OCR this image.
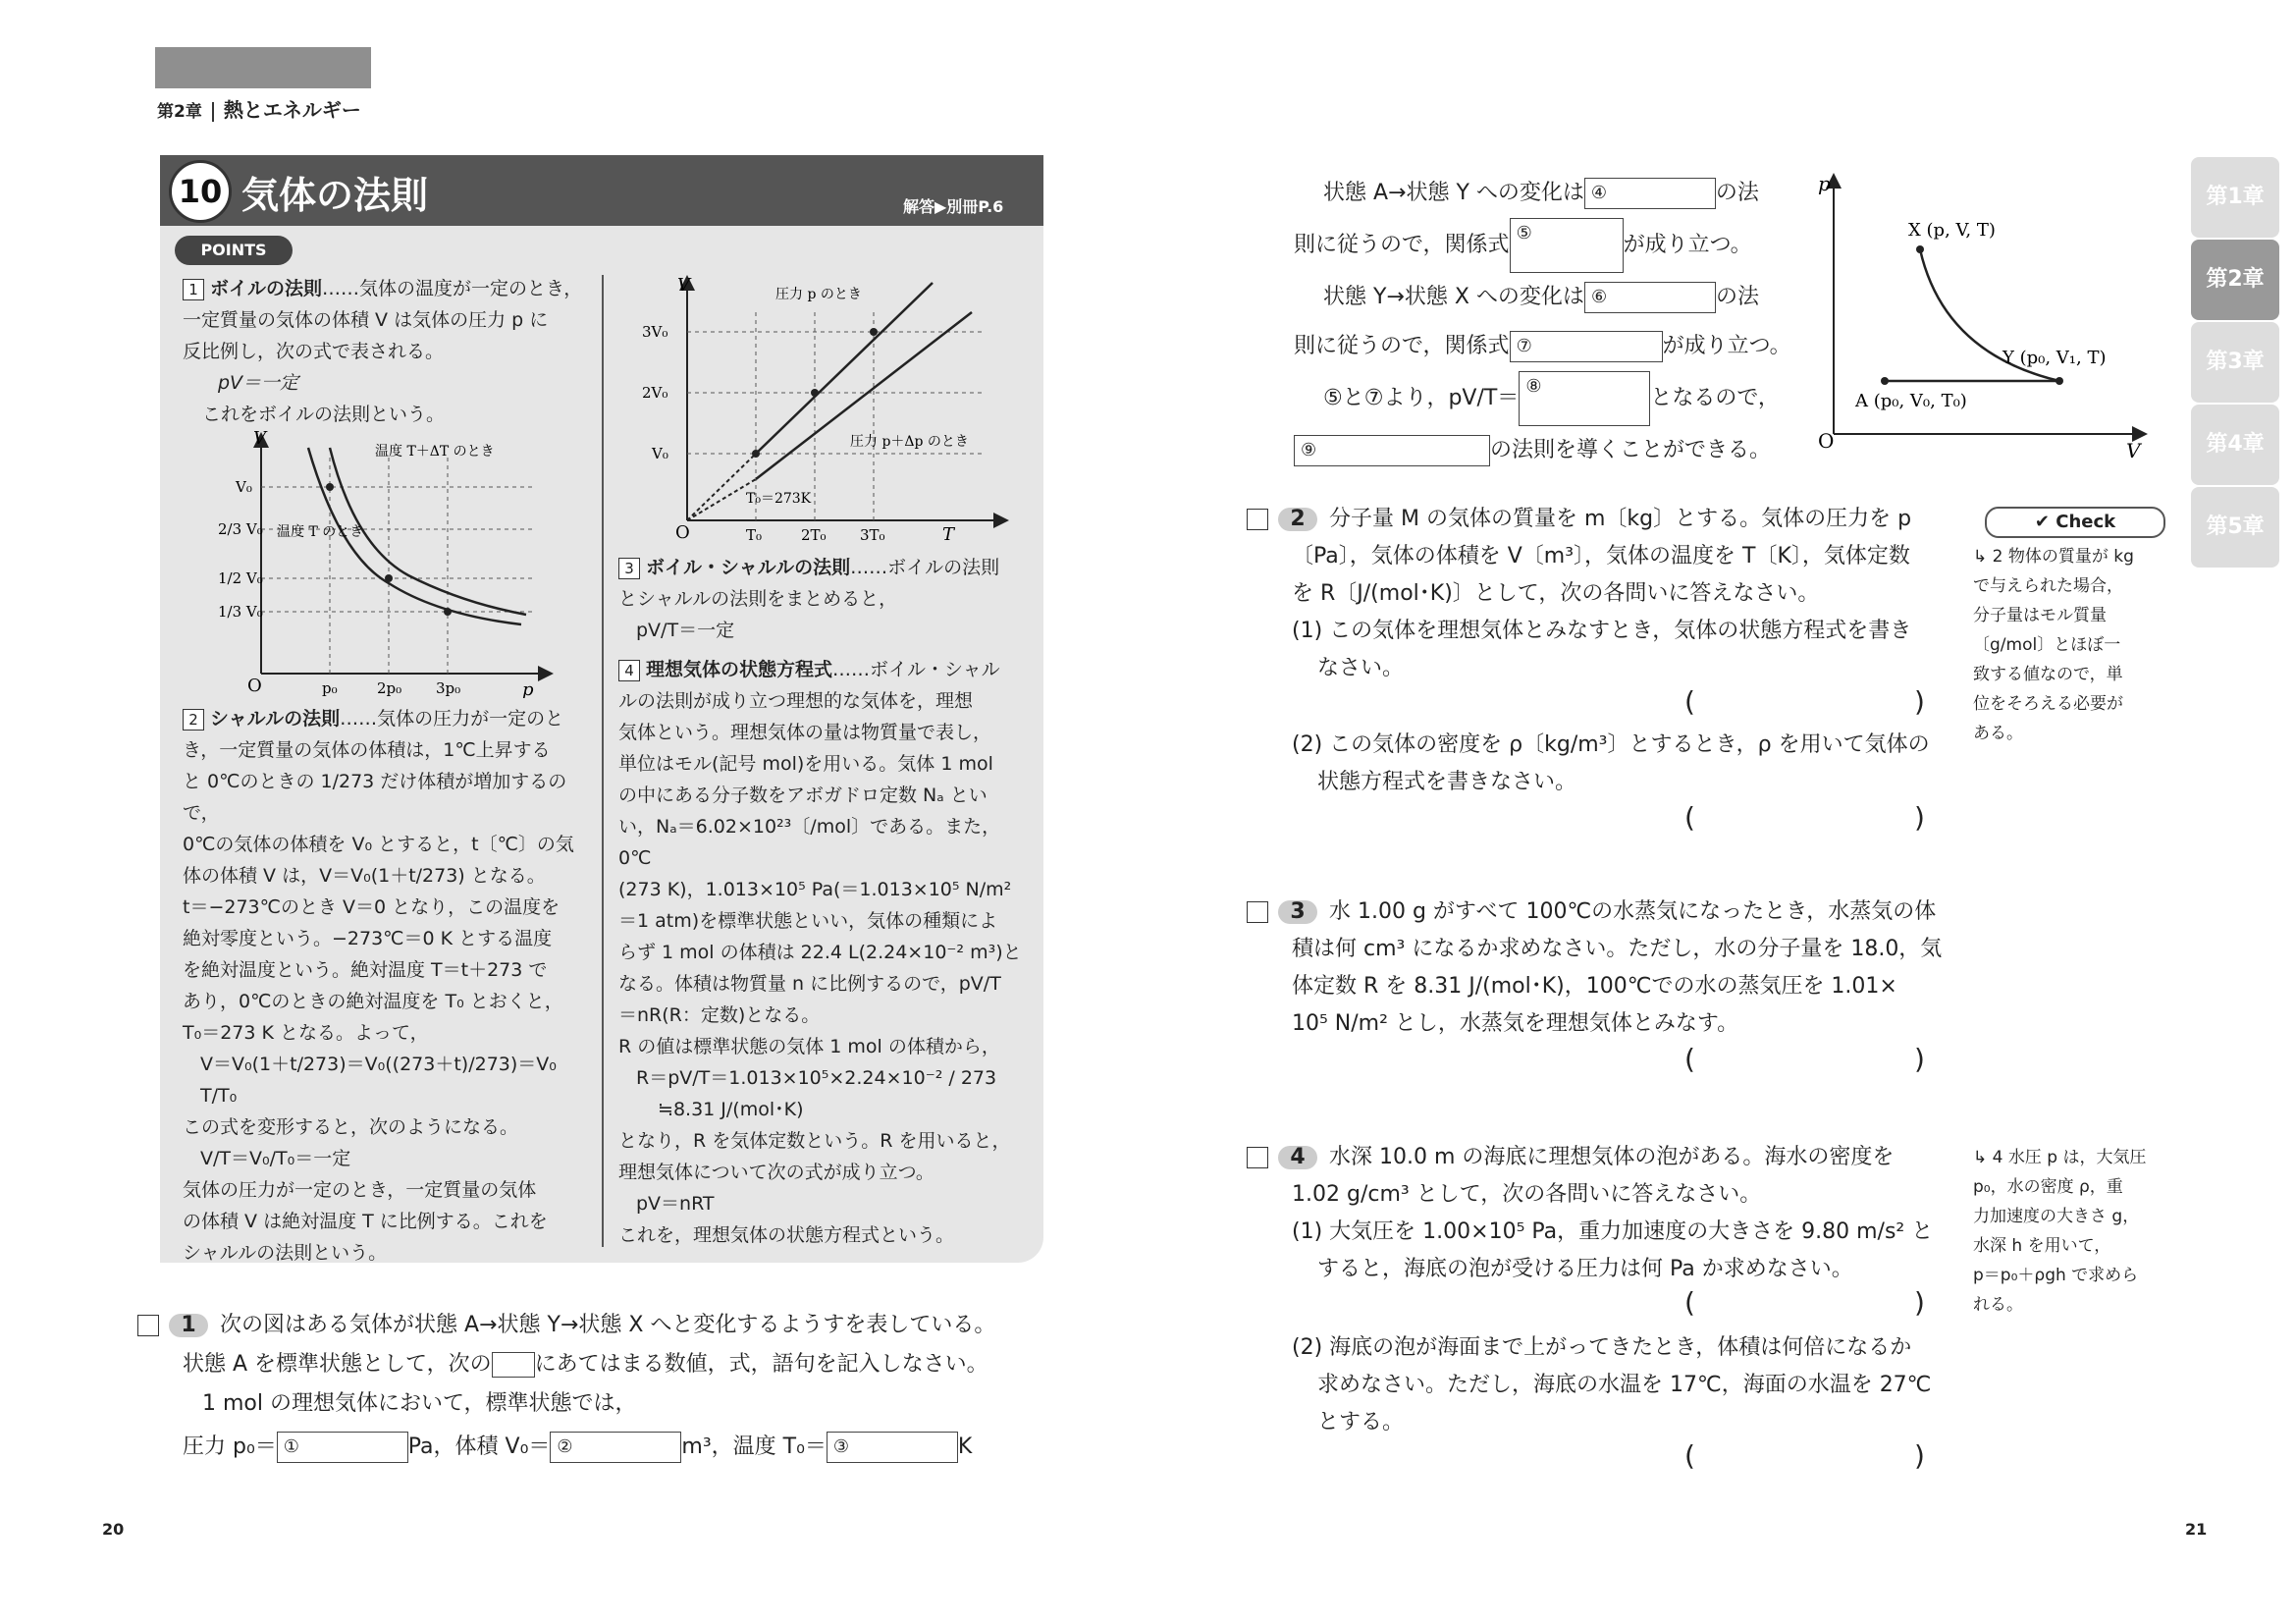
第2章 熱とエネルギー
10 気体の法則	解答▶別冊P.6
POINTS
1 ボイルの法則……気体の温度が一定のとき，
一定質量の気体の体積 V は気体の圧力 p に
反比例し，次の式で表される。
pV＝一定
これをボイルの法則という。
V
p
O
V₀
2/3 V₀
1/2 V₀
1/3 V₀
p₀	2p₀ 3p₀
温度 T＋ΔT のとき
温度 T のとき
2 シャルルの法則……気体の圧力が一定のと
き，一定質量の気体の体積は，1℃上昇する
と 0℃のときの 1/273 だけ体積が増加するので，
0℃の気体の体積を V₀ とすると，t〔℃〕の気
体の体積 V は，V＝V₀(1＋t/273) となる。
t＝−273℃のとき V＝0 となり，この温度を
絶対零度という。−273℃＝0 K とする温度
を絶対温度という。絶対温度 T＝t＋273 で
あり，0℃のときの絶対温度を T₀ とおくと，
T₀＝273 K となる。よって，
V＝V₀(1＋t/273)＝V₀((273＋t)/273)＝V₀ T/T₀
この式を変形すると，次のようになる。
V/T＝V₀/T₀＝一定
気体の圧力が一定のとき，一定質量の気体
の体積 V は絶対温度 T に比例する。これを
シャルルの法則という。
V
T
O
3V₀
2V₀
V₀
T₀	2T₀ 3T₀
圧力 p のとき
圧力 p＋Δp のとき
T₀＝273K
3 ボイル・シャルルの法則……ボイルの法則
とシャルルの法則をまとめると，
pV/T＝一定
4 理想気体の状態方程式……ボイル・シャル
ルの法則が成り立つ理想的な気体を，理想
気体という。理想気体の量は物質量で表し，
単位はモル(記号 mol)を用いる。気体 1 mol
の中にある分子数をアボガドロ定数 Nₐ とい
い，Nₐ＝6.02×10²³〔/mol〕である。また，0℃
(273 K)，1.013×10⁵ Pa(＝1.013×10⁵ N/m²
＝1 atm)を標準状態といい，気体の種類によ
らず 1 mol の体積は 22.4 L(2.24×10⁻² m³)と
なる。体積は物質量 n に比例するので，pV/T
＝nR(R：定数)となる。
R の値は標準状態の気体 1 mol の体積から，
R＝pV/T＝1.013×10⁵×2.24×10⁻² / 273
≒8.31 J/(mol･K)
となり，R を気体定数という。R を用いると，
理想気体について次の式が成り立つ。
pV＝nRT
これを，理想気体の状態方程式という。
1 次の図はある気体が状態 A→状態 Y→状態 X へと変化するようすを表している。
状態 A を標準状態として，次の にあてはまる数値，式，語句を記入しなさい。
1 mol の理想気体において，標準状態では，
圧力 p₀＝ ①	Pa，体積 V₀＝ ②	m³，温度 T₀＝ ③	K
20
状態 A→状態 Y への変化は ④	の法
則に従うので，関係式 ⑤	が成り立つ。
状態 Y→状態 X への変化は ⑥	の法
則に従うので，関係式 ⑦	が成り立つ。
⑤と⑦より，pV/T＝ ⑧	となるので，
⑨	の法則を導くことができる。
p
V
O
X (p, V, T)
Y (p₀, V₁, T)
A (p₀, V₀, T₀)
2 分子量 M の気体の質量を m〔kg〕とする。気体の圧力を p
〔Pa〕，気体の体積を V〔m³〕，気体の温度を T〔K〕，気体定数
を R〔J/(mol･K)〕として，次の各問いに答えなさい。
(1) この気体を理想気体とみなすとき，気体の状態方程式を書き
なさい。
(	)
(2) この気体の密度を ρ〔kg/m³〕とするとき，ρ を用いて気体の
状態方程式を書きなさい。
(	)
3 水 1.00 g がすべて 100℃の水蒸気になったとき，水蒸気の体
積は何 cm³ になるか求めなさい。ただし，水の分子量を 18.0，気
体定数 R を 8.31 J/(mol･K)，100℃での水の蒸気圧を 1.01×
10⁵ N/m² とし，水蒸気を理想気体とみなす。
(	)
4 水深 10.0 m の海底に理想気体の泡がある。海水の密度を
1.02 g/cm³ として，次の各問いに答えなさい。
(1) 大気圧を 1.00×10⁵ Pa，重力加速度の大きさを 9.80 m/s² と
すると，海底の泡が受ける圧力は何 Pa か求めなさい。
(	)
(2) 海底の泡が海面まで上がってきたとき，体積は何倍になるか
求めなさい。ただし，海底の水温を 17℃，海面の水温を 27℃
とする。
(	)
✔ Check
↳ 2 物体の質量が kg
で与えられた場合，
分子量はモル質量
〔g/mol〕とほぼ一
致する値なので，単
位をそろえる必要が
ある。
↳ 4 水圧 p は，大気圧
p₀，水の密度 ρ，重
力加速度の大きさ g，
水深 h を用いて，
p＝p₀＋ρgh で求めら
れる。
第1章
第2章
第3章
第4章
第5章
21
